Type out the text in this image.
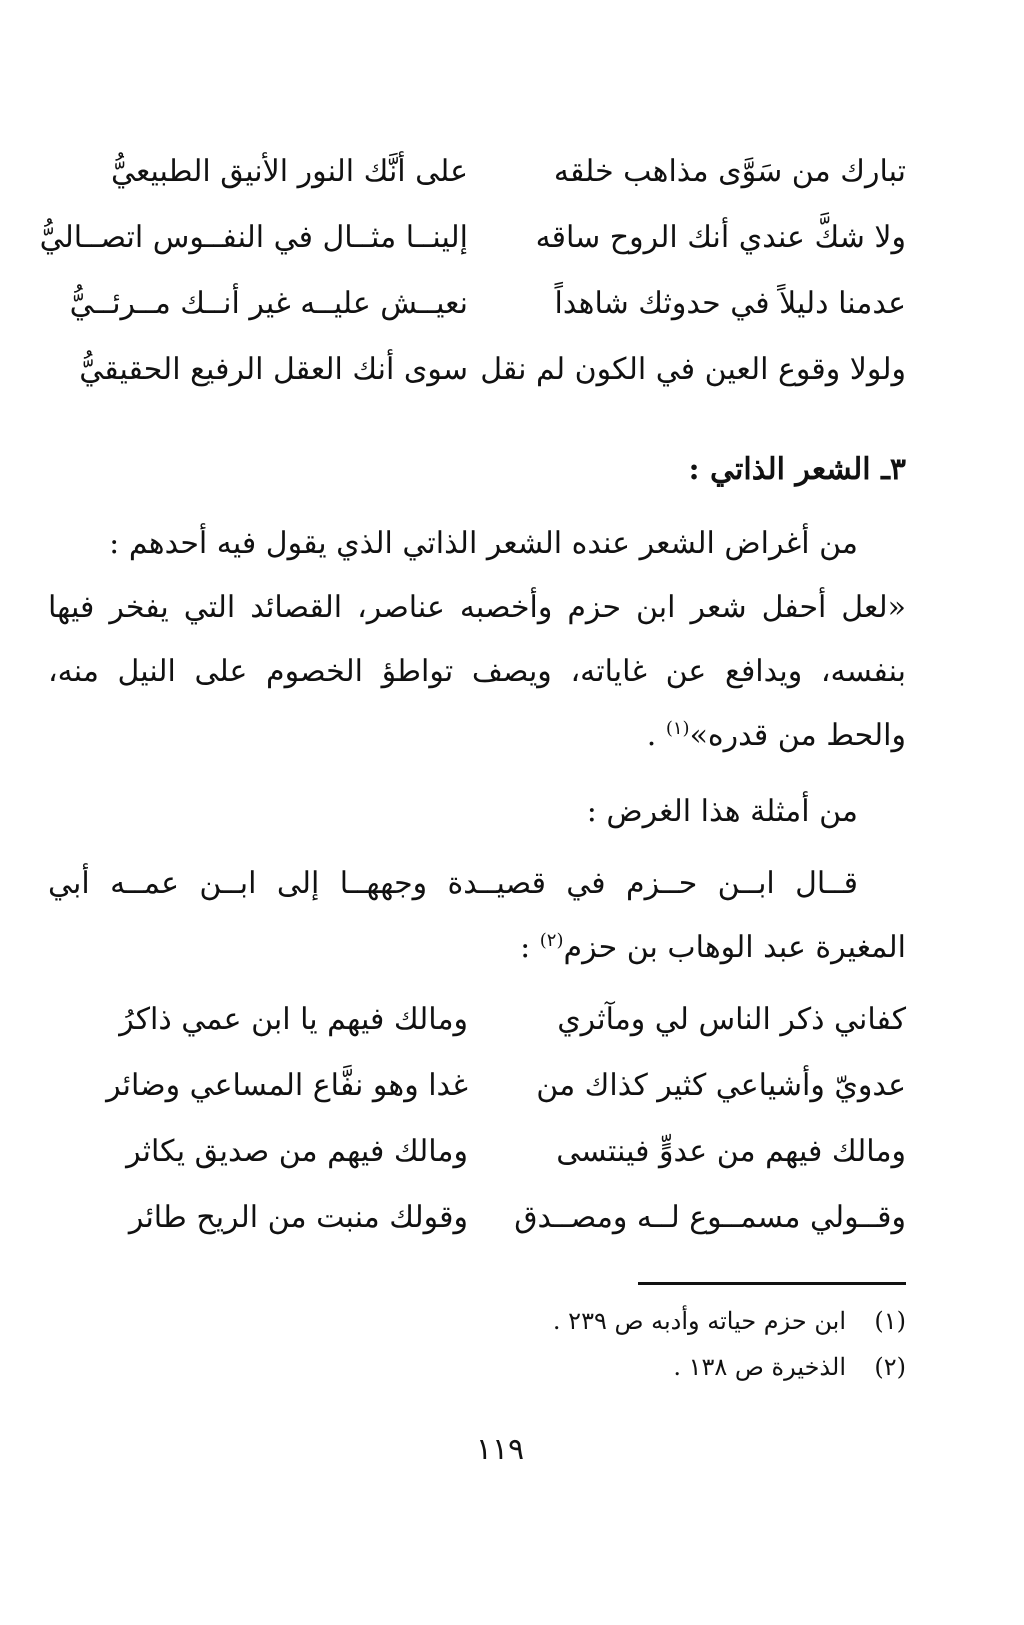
تبارك من سَوَّى مذاهب خلقه
على أنَّك النور الأنيق الطبيعيُّ
ولا شكَّ عندي أنك الروح ساقه
إلينــا مثــال في النفــوس اتصــاليُّ
عدمنا دليلاً في حدوثك شاهداً
نعيــش عليــه غير أنــك مــرئــيُّ
ولولا وقوع العين في الكون لم نقل
سوى أنك العقل الرفيع الحقيقيُّ
٣ـ الشعر الذاتي :
من أغراض الشعر عنده الشعر الذاتي الذي يقول فيه أحدهم :
«لعل أحفل شعر ابن حزم وأخصبه عناصر، القصائد التي يفخر فيها بنفسه، ويدافع عن غاياته، ويصف تواطؤ الخصوم على النيل منه، والحط من قدره»$^{(١)}$ .
من أمثلة هذا الغرض :
قــال ابــن حــزم في قصيــدة وجههــا إلى ابــن عمــه أبي المغيرة عبد الوهاب بن حزم$^{(٢)}$ :
كفاني ذكر الناس لي ومآثري
ومالك فيهم يا ابن عمي ذاكرُ
عدويّ وأشياعي كثير كذاك من
غدا وهو نفَّاع المساعي وضائر
ومالك فيهم من عدوٍّ فينتسى
ومالك فيهم من صديق يكاثر
وقــولي مسمــوع لــه ومصــدق
وقولك منبت من الريح طائر
(١)ابن حزم حياته وأدبه ص ٢٣٩ .
(٢)الذخيرة ص ١٣٨ .
١١٩
